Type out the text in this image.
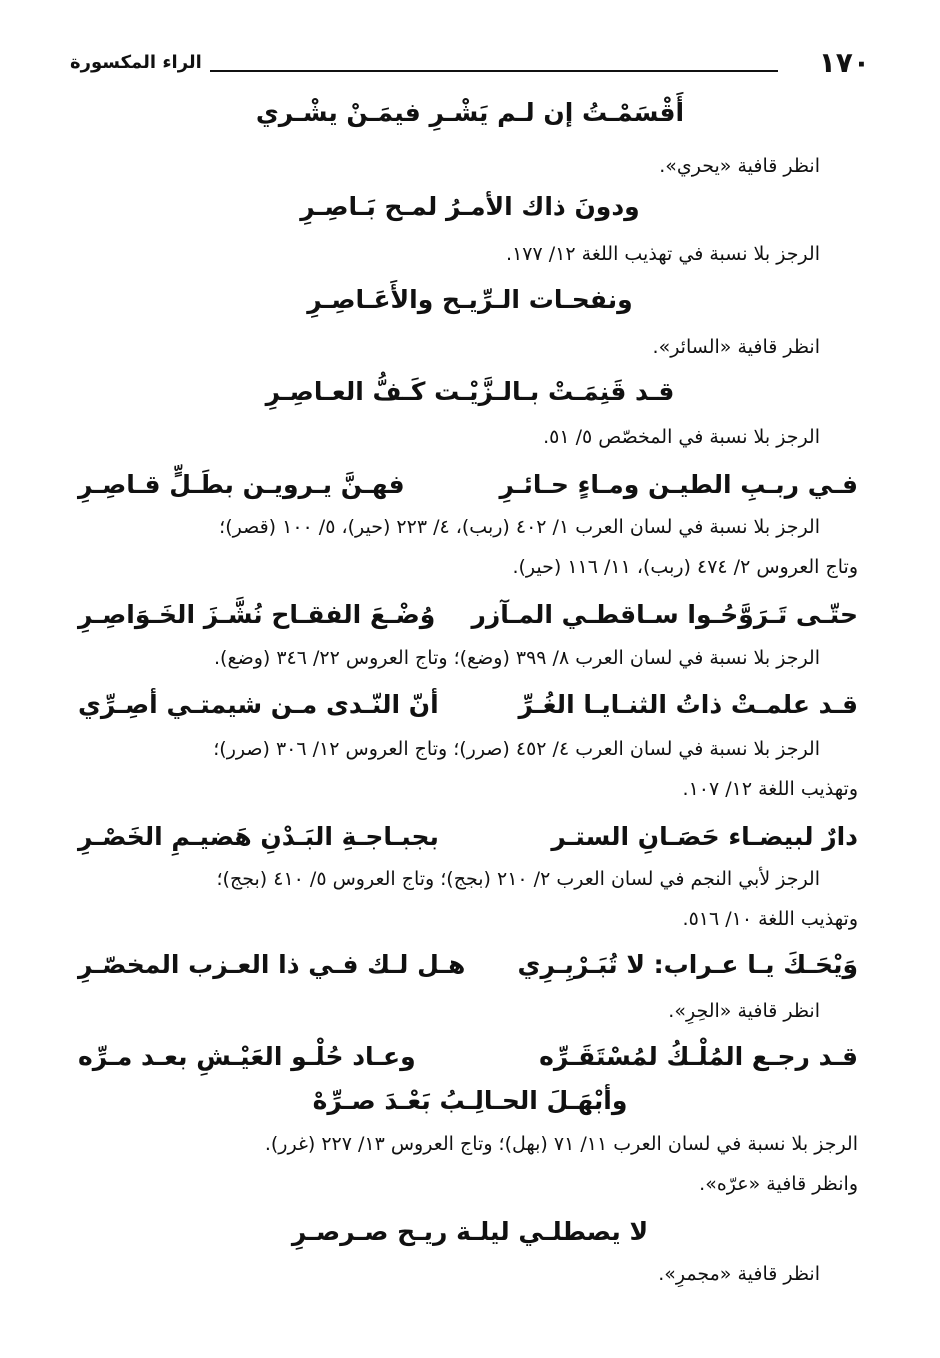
١٧٠
الراء المكسورة
أَقْسَمْـتُ إن لـم يَشْـرِ فيمَـنْ يشْـري
انظر قافية «يحري».
ودونَ ذاك الأمـرُ لمـح بَـاصِـرِ
الرجز بلا نسبة في تهذيب اللغة ١٢/ ١٧٧.
ونفحـات الـرِّيـح والأَعَـاصِـرِ
انظر قافية «السائر».
قـد قَنِمَـتْ بـالـزَّيْـت كَـفُّ العـاصِـرِ
الرجز بلا نسبة في المخصّص ٥/ ٥١.
فـي ربـبِ الطيـن ومـاءٍ حـائـرِ
فهـنَّ يـرويـن بطَـلٍّ قـاصِـرِ
الرجز بلا نسبة في لسان العرب ١/ ٤٠٢ (ربب)، ٤/ ٢٢٣ (حير)، ٥/ ١٠٠ (قصر)؛
وتاج العروس ٢/ ٤٧٤ (ربب)، ١١/ ١١٦ (حير).
حتّـى تَـرَوَّحُـوا سـاقطـي المـآزر
وُضْـعَ الفقـاح نُشَّـزَ الخَـوَاصِـرِ
الرجز بلا نسبة في لسان العرب ٨/ ٣٩٩ (وضع)؛ وتاج العروس ٢٢/ ٣٤٦ (وضع).
قـد علمـتْ ذاتُ الثنـايـا الغُـرِّ
أنّ النّـدى مـن شيمتـي أصِـرِّي
الرجز بلا نسبة في لسان العرب ٤/ ٤٥٢ (صرر)؛ وتاج العروس ١٢/ ٣٠٦ (صرر)؛
وتهذيب اللغة ١٢/ ١٠٧.
دارٌ لبيضـاء حَصَـانِ الستـر
بجبـاجـةِ البَـدْنِ هَضيـمِ الخَصْـرِ
الرجز لأبي النجم في لسان العرب ٢/ ٢١٠ (بجج)؛ وتاج العروس ٥/ ٤١٠ (بجج)؛
وتهذيب اللغة ١٠/ ٥١٦.
وَيْحَـكَ يـا عـراب: لا تُبَـرْبِـرِي
هـل لـك فـي ذا العـزب المخصّـرِ
انظر قافية «الحِرِ».
قـد رجـع المُلْـكُ لمُسْتَقَـرِّه
وعـاد حُلْـو العَيْـشِ بعـد مـرِّه
وأبْهَـلَ الحـالِـبُ بَعْـدَ صـرِّهْ
الرجز بلا نسبة في لسان العرب ١١/ ٧١ (بهل)؛ وتاج العروس ١٣/ ٢٢٧ (غرر).
وانظر قافية «عرّه».
لا يصطلـي ليلـة ريـح صـرصـرِ
انظر قافية «مجمرِ».
